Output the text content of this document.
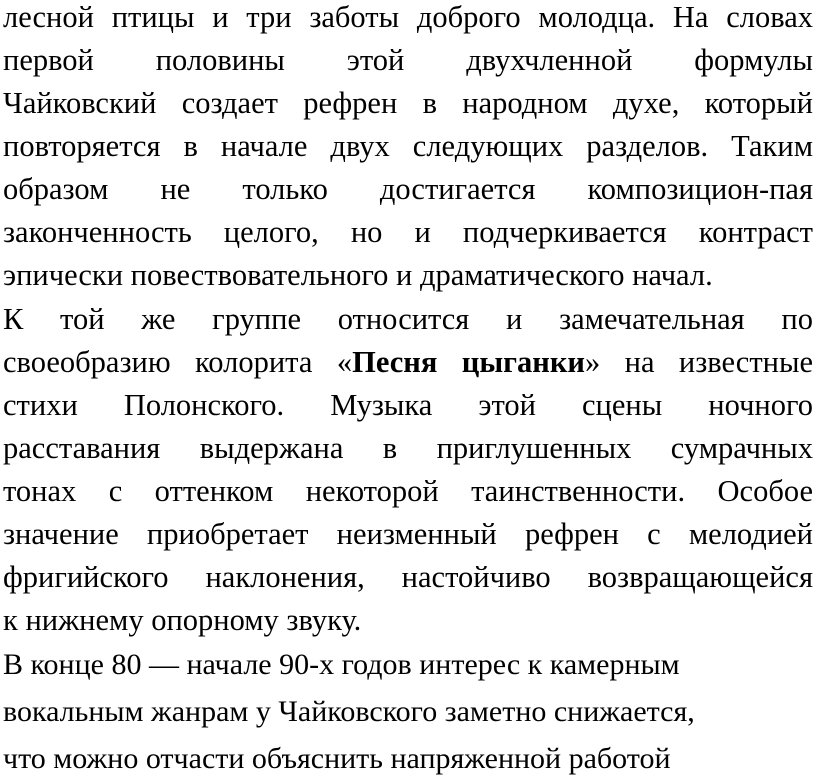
лесной птицы и три заботы доброго молодца. На словах
первой половины этой двухчленной формулы
Чайковский создает рефрен в народном духе, который
повторяется в начале двух следующих разделов. Таким
образом не только достигается композицион-пая
законченность целого, но и подчеркивается контраст
эпически повествовательного и драматического начал.
К той же группе относится и замечательная по
своеобразию колорита «Песня цыганки» на известные
стихи Полонского. Музыка этой сцены ночного
расставания выдержана в приглушенных сумрачных
тонах с оттенком некоторой таинственности. Особое
значение приобретает неизменный рефрен с мелодией
фригийского наклонения, настойчиво возвращающейся
к нижнему опорному звуку.
В конце 80 — начале 90-х годов интерес к камерным
вокальным жанрам у Чайковского заметно снижается,
что можно отчасти объяснить напряженной работой
